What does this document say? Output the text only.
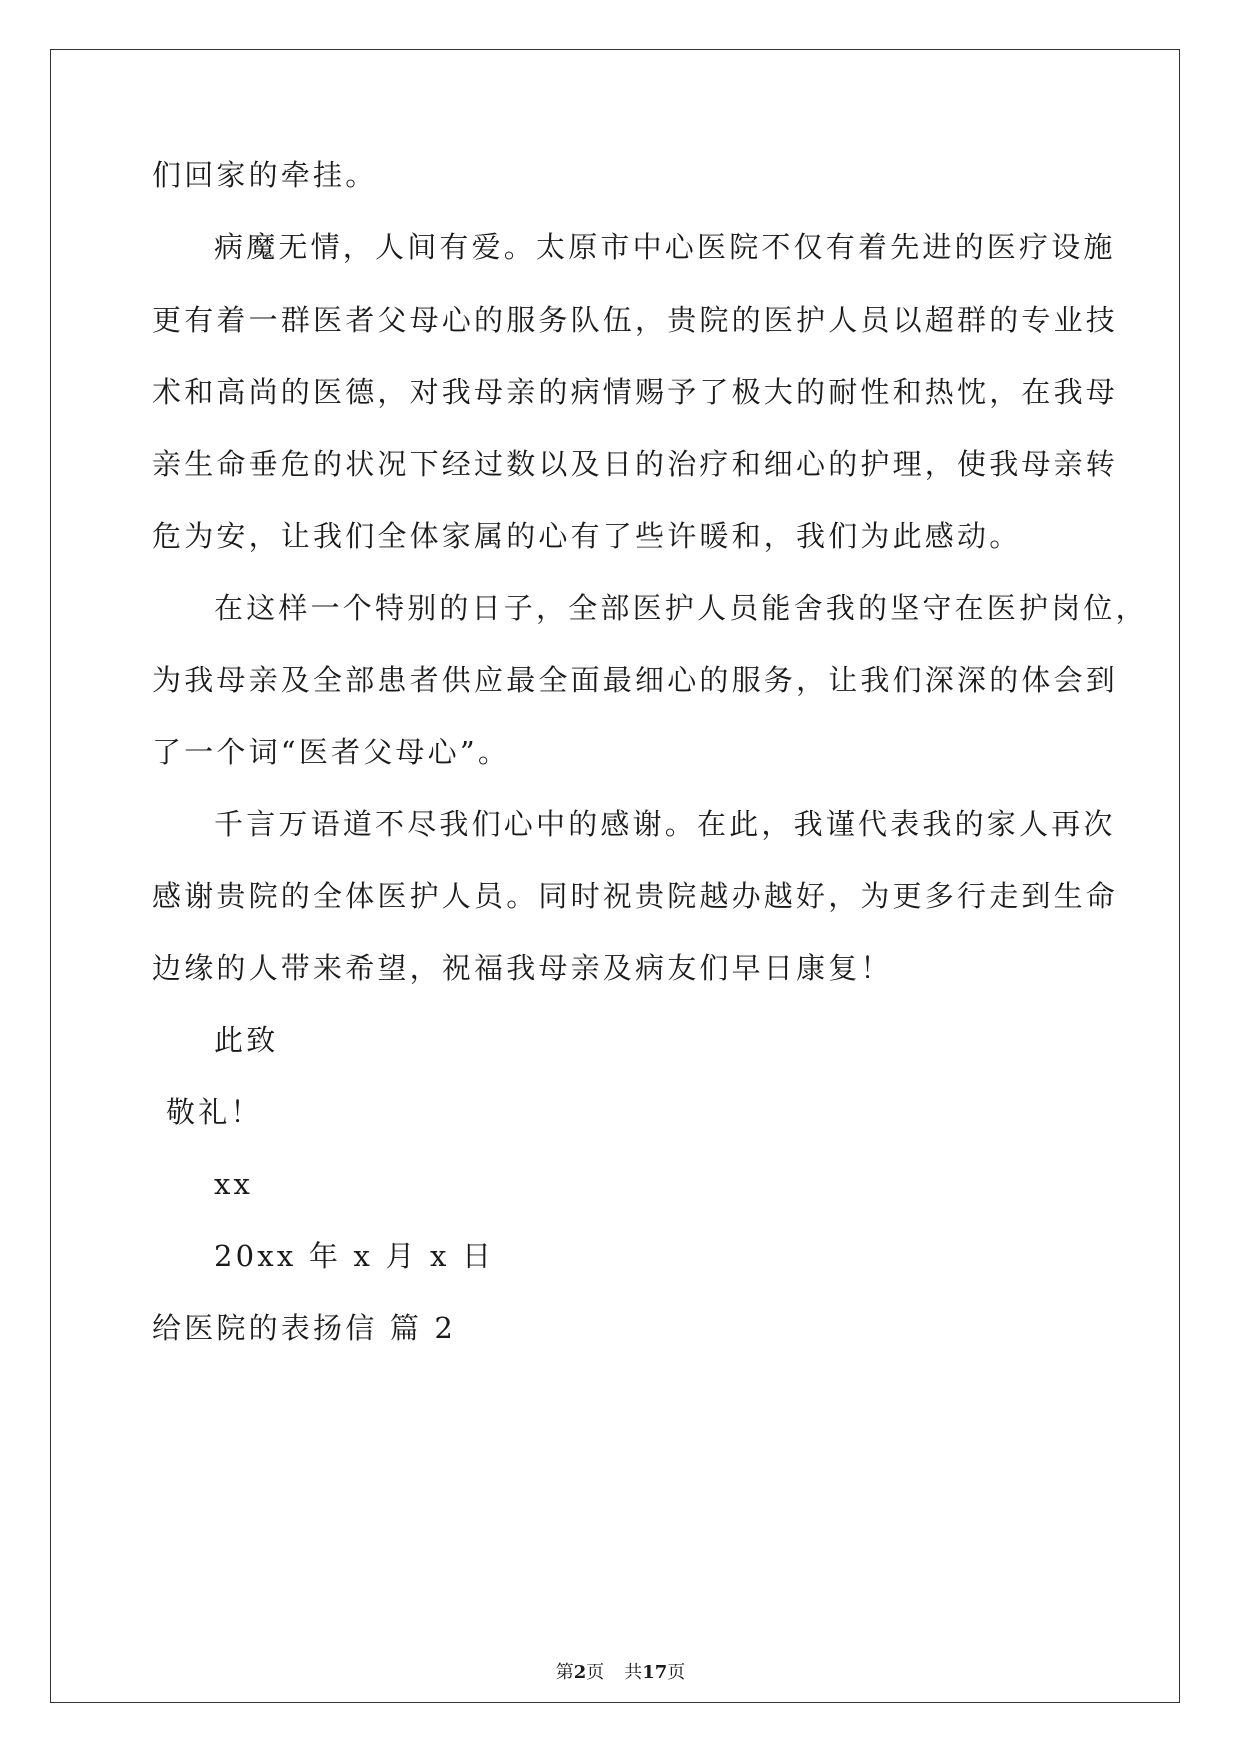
们回家的牵挂。
病魔无情，人间有爱。太原市中心医院不仅有着先进的医疗设施
更有着一群医者父母心的服务队伍，贵院的医护人员以超群的专业技
术和高尚的医德，对我母亲的病情赐予了极大的耐性和热忱，在我母
亲生命垂危的状况下经过数以及日的治疗和细心的护理，使我母亲转
危为安，让我们全体家属的心有了些许暖和，我们为此感动。
在这样一个特别的日子，全部医护人员能舍我的坚守在医护岗位，
为我母亲及全部患者供应最全面最细心的服务，让我们深深的体会到
了一个词“医者父母心”。
千言万语道不尽我们心中的感谢。在此，我谨代表我的家人再次
感谢贵院的全体医护人员。同时祝贵院越办越好，为更多行走到生命
边缘的人带来希望，祝福我母亲及病友们早日康复！
此致
敬礼！
xx
20xx 年 x 月 x 日
给医院的表扬信 篇 2
第2页 共17页
